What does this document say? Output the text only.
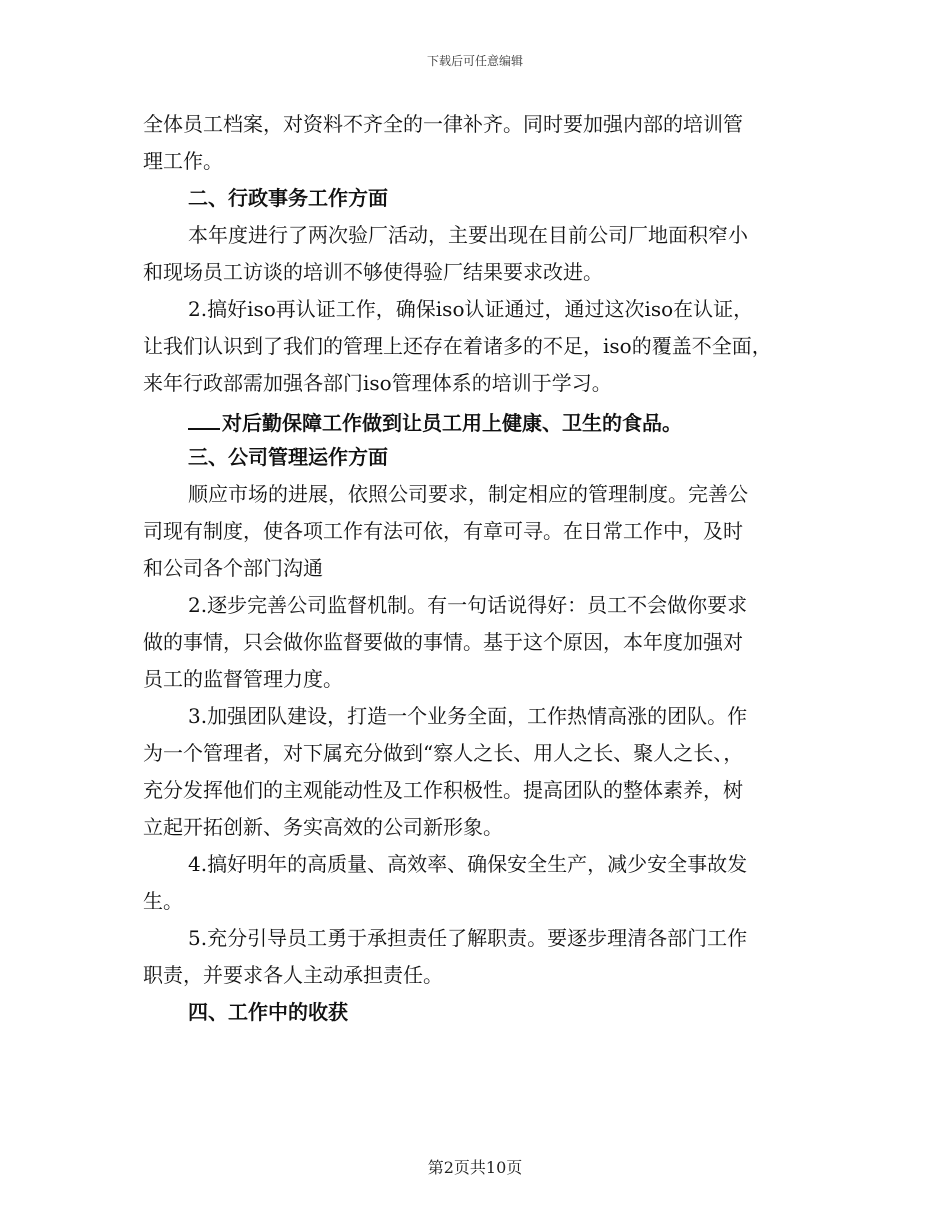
下载后可任意编辑
全体员工档案，对资料不齐全的一律补齐。同时要加强内部的培训管
理工作。
二、行政事务工作方面
本年度进行了两次验厂活动，主要出现在目前公司厂地面积窄小
和现场员工访谈的培训不够使得验厂结果要求改进。
2.搞好iso再认证工作，确保iso认证通过，通过这次iso在认证，
让我们认识到了我们的管理上还存在着诸多的不足，iso的覆盖不全面，
来年行政部需加强各部门iso管理体系的培训于学习。
对后勤保障工作做到让员工用上健康、卫生的食品。
三、公司管理运作方面
顺应市场的进展，依照公司要求，制定相应的管理制度。完善公
司现有制度，使各项工作有法可依，有章可寻。在日常工作中，及时
和公司各个部门沟通
2.逐步完善公司监督机制。有一句话说得好：员工不会做你要求
做的事情，只会做你监督要做的事情。基于这个原因，本年度加强对
员工的监督管理力度。
3.加强团队建设，打造一个业务全面，工作热情高涨的团队。作
为一个管理者，对下属充分做到“察人之长、用人之长、聚人之长、，
充分发挥他们的主观能动性及工作积极性。提高团队的整体素养，树
立起开拓创新、务实高效的公司新形象。
4.搞好明年的高质量、高效率、确保安全生产，减少安全事故发
生。
5.充分引导员工勇于承担责任了解职责。要逐步理清各部门工作
职责，并要求各人主动承担责任。
四、工作中的收获
第2页共10页
